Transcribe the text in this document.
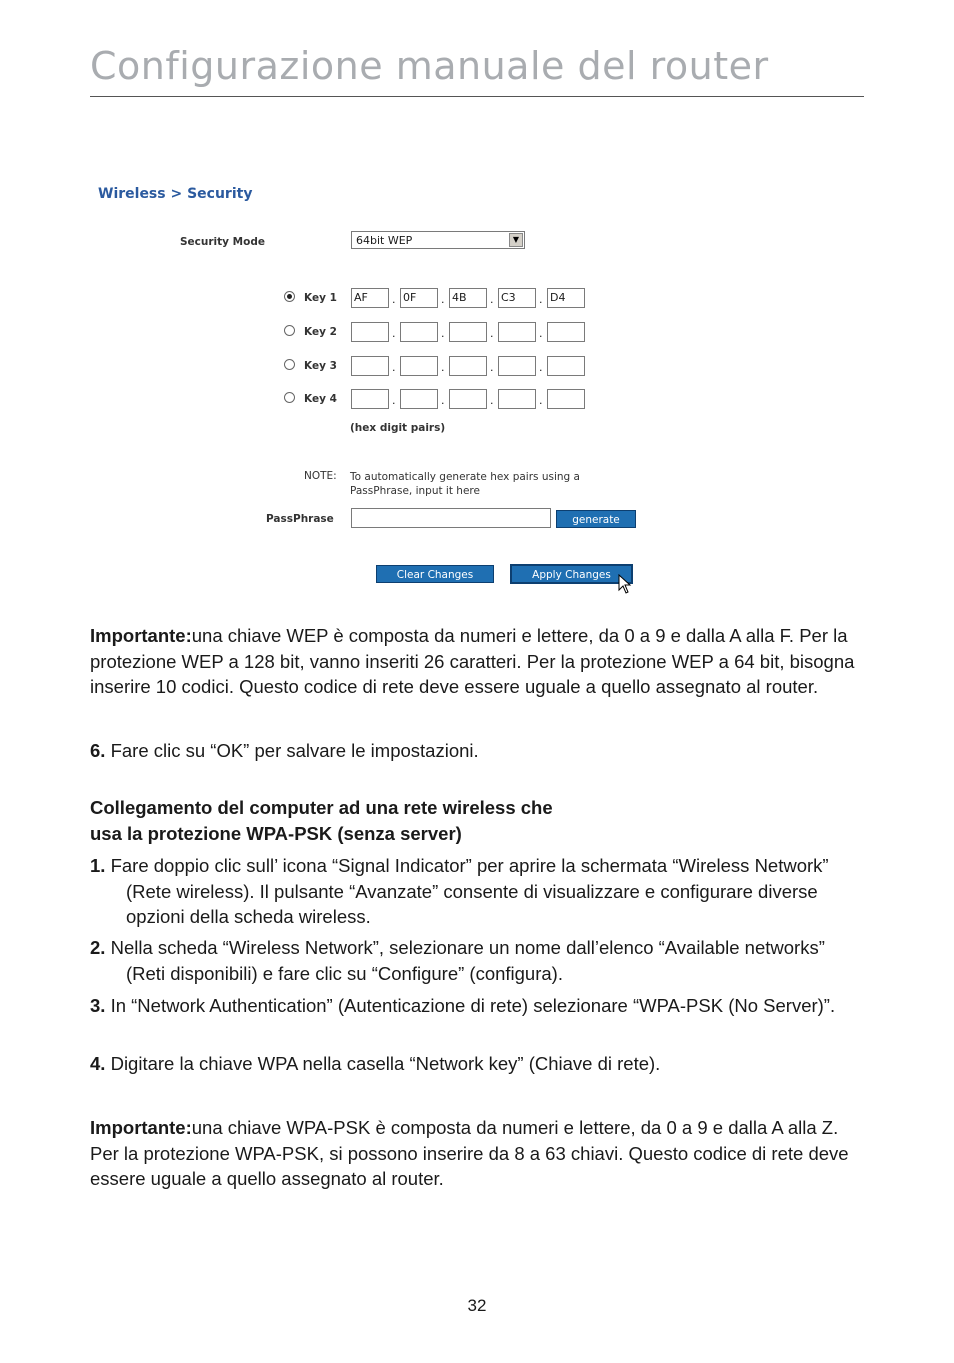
Configurazione manuale del router
Wireless > Security
Security Mode	64bit WEP	▼
Key 1 AF	. 0F	. 4B	. C3	. D4
Key 2	.	.	.	.
Key 3	.	.	.	.
Key 4	.	.	.	.
(hex digit pairs)
NOTE: To automatically generate hex pairs using a PassPhrase, input it here
PassPhrase	generate
Clear Changes	Apply Changes
Importante:una chiave WEP è composta da numeri e lettere, da 0 a 9 e dalla A alla F. Per la protezione WEP a 128 bit, vanno inseriti 26 caratteri. Per la protezione WEP a 64 bit, bisogna inserire 10 codici. Questo codice di rete deve essere uguale a quello assegnato al router.
6. Fare clic su “OK” per salvare le impostazioni.
Collegamento del computer ad una rete wireless che
usa la protezione WPA-PSK (senza server)
1. Fare doppio clic sull’ icona “Signal Indicator” per aprire la schermata “Wireless Network” (Rete wireless). Il pulsante “Avanzate” consente di visualizzare e configurare diverse opzioni della scheda wireless.
2. Nella scheda “Wireless Network”, selezionare un nome dall’elenco “Available networks” (Reti disponibili) e fare clic su “Configure” (configura).
3. In “Network Authentication” (Autenticazione di rete) selezionare “WPA-PSK (No Server)”.
4. Digitare la chiave WPA nella casella “Network key” (Chiave di rete).
Importante:una chiave WPA-PSK è composta da numeri e lettere, da 0 a 9 e dalla A alla Z. Per la protezione WPA-PSK, si possono inserire da 8 a 63 chiavi. Questo codice di rete deve essere uguale a quello assegnato al router.
32
